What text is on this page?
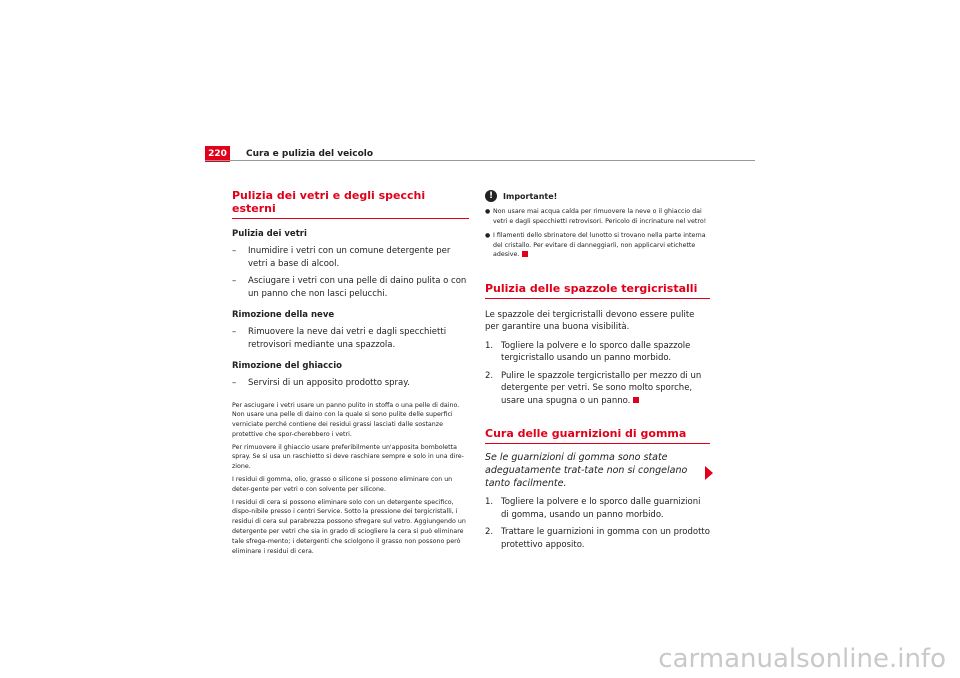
220	Cura e pulizia del veicolo
Pulizia dei vetri e degli specchi esterni
Pulizia dei vetri
–	Inumidire i vetri con un comune detergente per vetri a base di alcool.
–	Asciugare i vetri con una pelle di daino pulita o con un panno che non lasci pelucchi.
Rimozione della neve
–	Rimuovere la neve dai vetri e dagli specchietti retrovisori mediante una spazzola.
Rimozione del ghiaccio
–	Servirsi di un apposito prodotto spray.
Per asciugare i vetri usare un panno pulito in stoffa o una pelle di daino. Non usare una pelle di daino con la quale si sono pulite delle superfici verniciate perché contiene dei residui grassi lasciati dalle sostanze protettive che spor-cherebbero i vetri.
Per rimuovere il ghiaccio usare preferibilmente un'apposita bomboletta spray. Se si usa un raschietto si deve raschiare sempre e solo in una dire-zione.
I residui di gomma, olio, grasso o silicone si possono eliminare con un deter-gente per vetri o con solvente per silicone.
I residui di cera si possono eliminare solo con un detergente specifico, dispo-nibile presso i centri Service. Sotto la pressione dei tergicristalli, i residui di cera sul parabrezza possono sfregare sul vetro. Aggiungendo un detergente per vetri che sia in grado di sciogliere la cera si può eliminare tale sfrega-mento; i detergenti che sciolgono il grasso non possono però eliminare i residui di cera.
!	Importante!
● Non usare mai acqua calda per rimuovere la neve o il ghiaccio dai vetri e dagli specchietti retrovisori. Pericolo di incrinature nel vetro!
● I filamenti dello sbrinatore del lunotto si trovano nella parte interna del cristallo. Per evitare di danneggiarli, non applicarvi etichette adesive.
Pulizia delle spazzole tergicristalli
Le spazzole dei tergicristalli devono essere pulite per garantire una buona visibilità.
1. Togliere la polvere e lo sporco dalle spazzole tergicristallo usando un panno morbido.
2. Pulire le spazzole tergicristallo per mezzo di un detergente per vetri. Se sono molto sporche, usare una spugna o un panno.
Cura delle guarnizioni di gomma
Se le guarnizioni di gomma sono state adeguatamente trat-tate non si congelano tanto facilmente.
1. Togliere la polvere e lo sporco dalle guarnizioni di gomma, usando un panno morbido.
2. Trattare le guarnizioni in gomma con un prodotto protettivo apposito.
carmanualsonline.info
